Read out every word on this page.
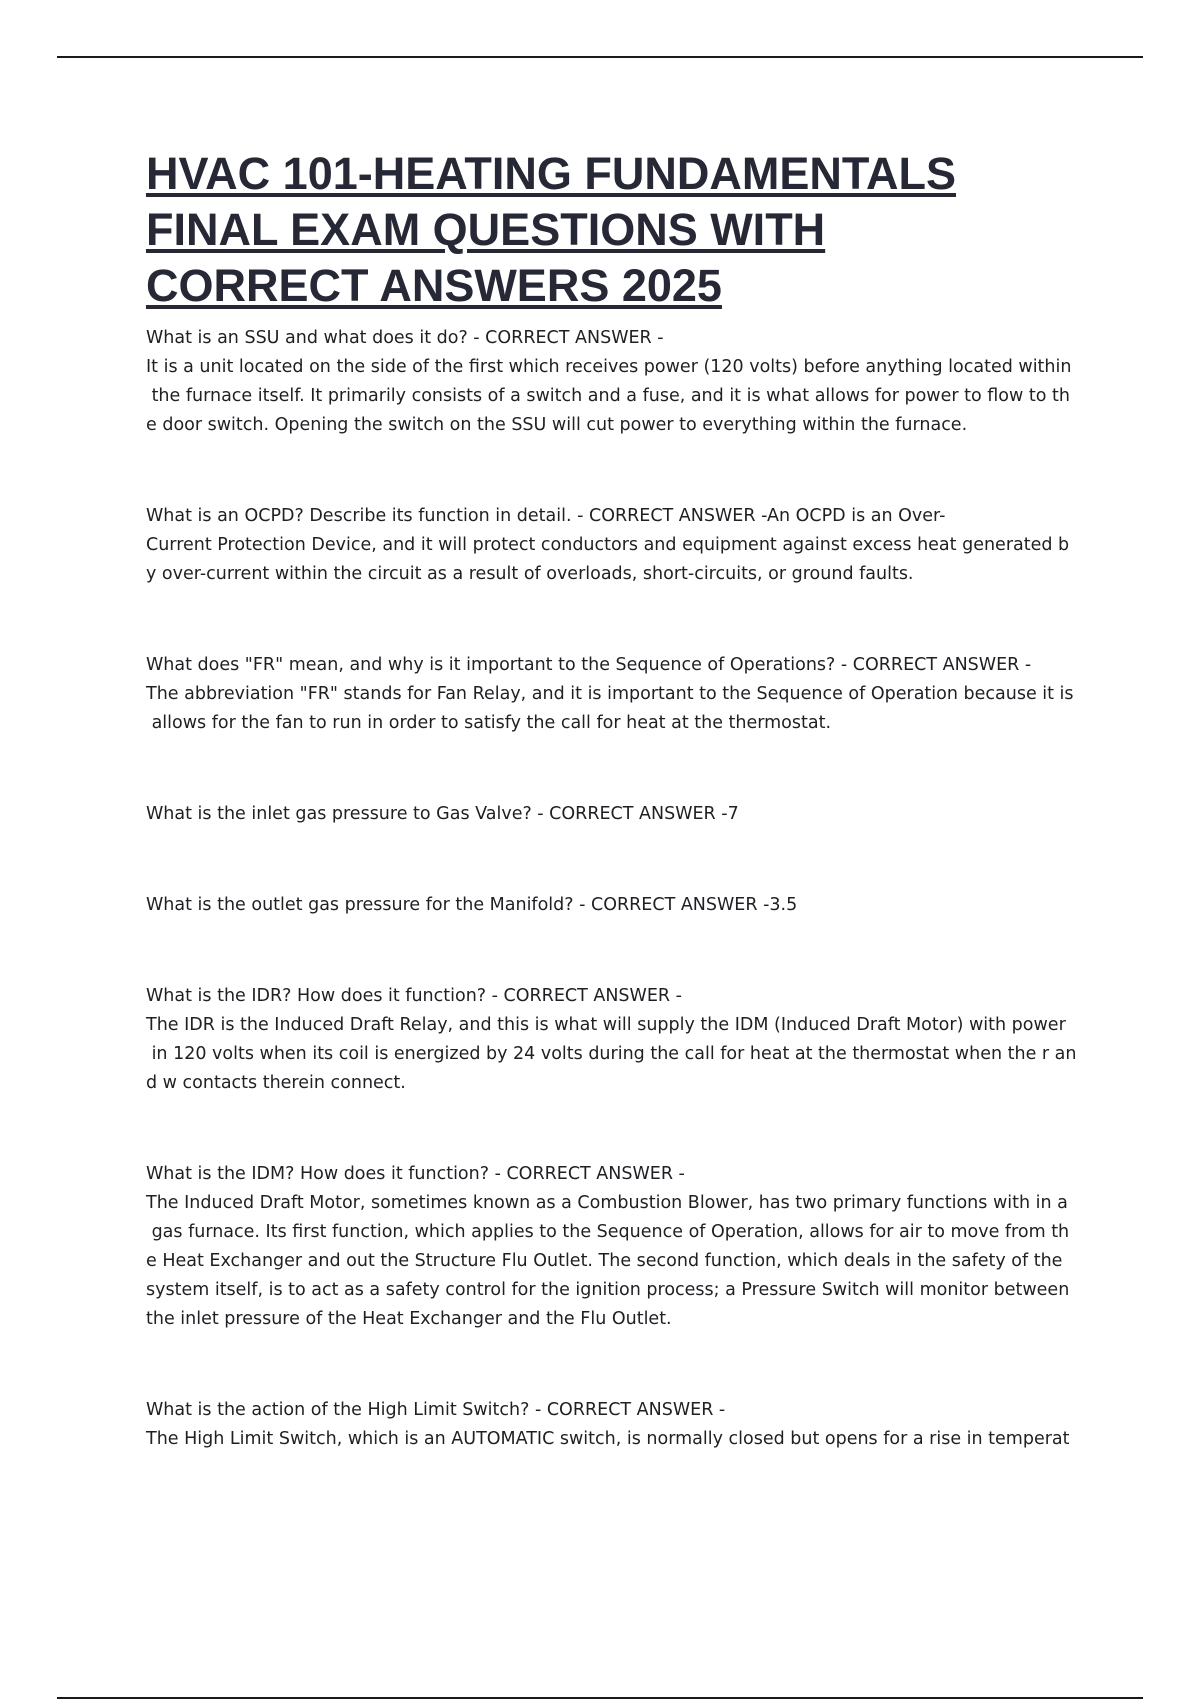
HVAC 101-HEATING FUNDAMENTALS
FINAL EXAM QUESTIONS WITH
CORRECT ANSWERS 2025

What is an SSU and what does it do? - CORRECT ANSWER -
It is a unit located on the side of the first which receives power (120 volts) before anything located within
the furnace itself. It primarily consists of a switch and a fuse, and it is what allows for power to flow to th
e door switch. Opening the switch on the SSU will cut power to everything within the furnace.

What is an OCPD? Describe its function in detail. - CORRECT ANSWER -An OCPD is an Over-
Current Protection Device, and it will protect conductors and equipment against excess heat generated b
y over-current within the circuit as a result of overloads, short-circuits, or ground faults.

What does "FR" mean, and why is it important to the Sequence of Operations? - CORRECT ANSWER -
The abbreviation "FR" stands for Fan Relay, and it is important to the Sequence of Operation because it is
allows for the fan to run in order to satisfy the call for heat at the thermostat.

What is the inlet gas pressure to Gas Valve? - CORRECT ANSWER -7

What is the outlet gas pressure for the Manifold? - CORRECT ANSWER -3.5

What is the IDR? How does it function? - CORRECT ANSWER -
The IDR is the Induced Draft Relay, and this is what will supply the IDM (Induced Draft Motor) with power
in 120 volts when its coil is energized by 24 volts during the call for heat at the thermostat when the r an
d w contacts therein connect.

What is the IDM? How does it function? - CORRECT ANSWER -
The Induced Draft Motor, sometimes known as a Combustion Blower, has two primary functions with in a
gas furnace. Its first function, which applies to the Sequence of Operation, allows for air to move from th
e Heat Exchanger and out the Structure Flu Outlet. The second function, which deals in the safety of the
system itself, is to act as a safety control for the ignition process; a Pressure Switch will monitor between
the inlet pressure of the Heat Exchanger and the Flu Outlet.

What is the action of the High Limit Switch? - CORRECT ANSWER -
The High Limit Switch, which is an AUTOMATIC switch, is normally closed but opens for a rise in temperat
